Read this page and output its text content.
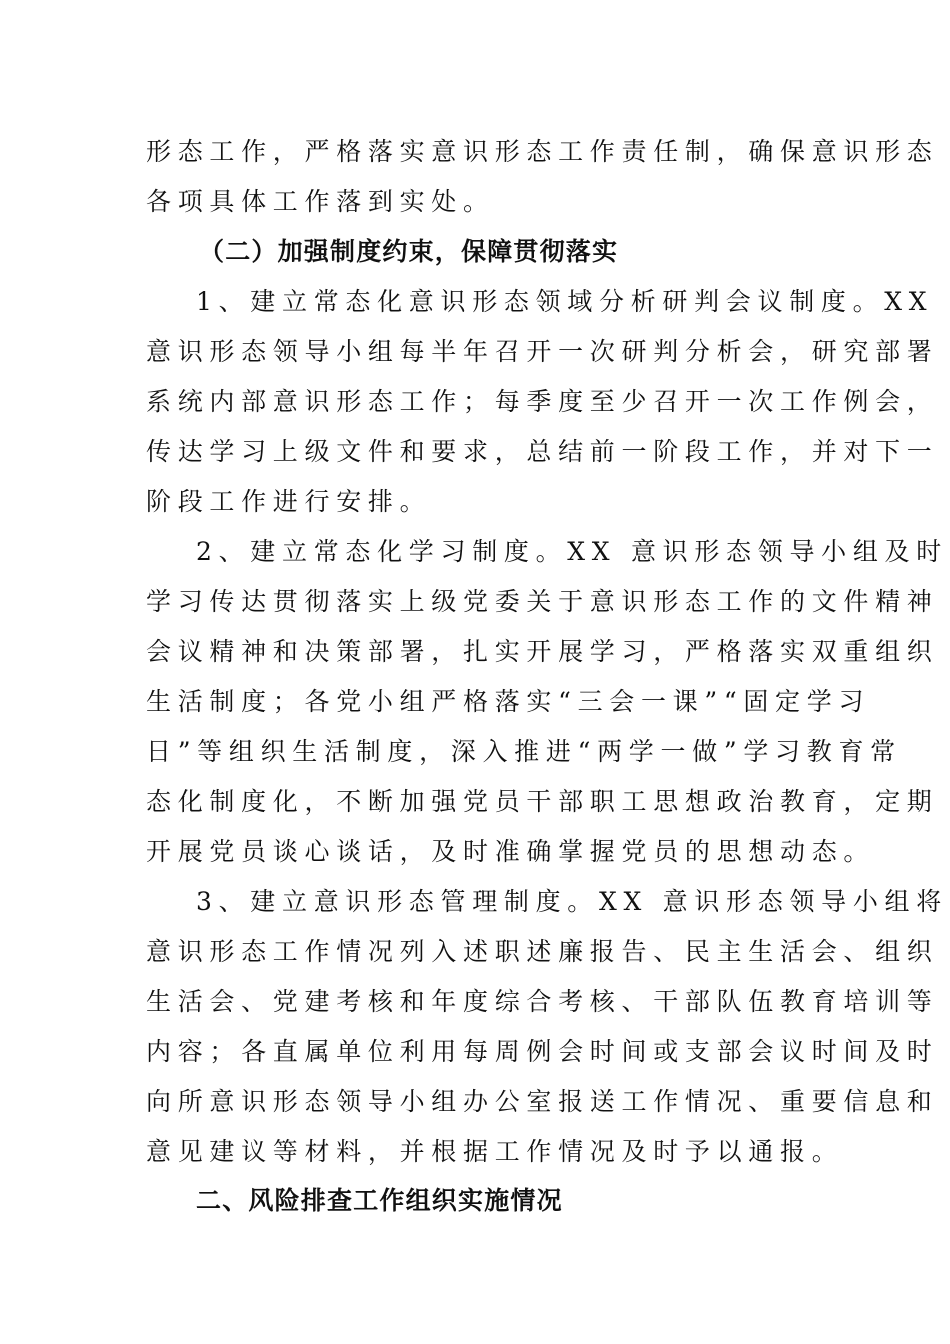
形态工作，严格落实意识形态工作责任制，确保意识形态
各项具体工作落到实处。
（二）加强制度约束，保障贯彻落实
1、建立常态化意识形态领域分析研判会议制度。XX
意识形态领导小组每半年召开一次研判分析会，研究部署
系统内部意识形态工作；每季度至少召开一次工作例会，
传达学习上级文件和要求，总结前一阶段工作，并对下一
阶段工作进行安排。
2、建立常态化学习制度。XX 意识形态领导小组及时
学习传达贯彻落实上级党委关于意识形态工作的文件精神
会议精神和决策部署，扎实开展学习，严格落实双重组织
生活制度；各党小组严格落实“三会一课”“固定学习
日”等组织生活制度，深入推进“两学一做”学习教育常
态化制度化，不断加强党员干部职工思想政治教育，定期
开展党员谈心谈话，及时准确掌握党员的思想动态。
3、建立意识形态管理制度。XX 意识形态领导小组将
意识形态工作情况列入述职述廉报告、民主生活会、组织
生活会、党建考核和年度综合考核、干部队伍教育培训等
内容；各直属单位利用每周例会时间或支部会议时间及时
向所意识形态领导小组办公室报送工作情况、重要信息和
意见建议等材料，并根据工作情况及时予以通报。
二、风险排查工作组织实施情况
